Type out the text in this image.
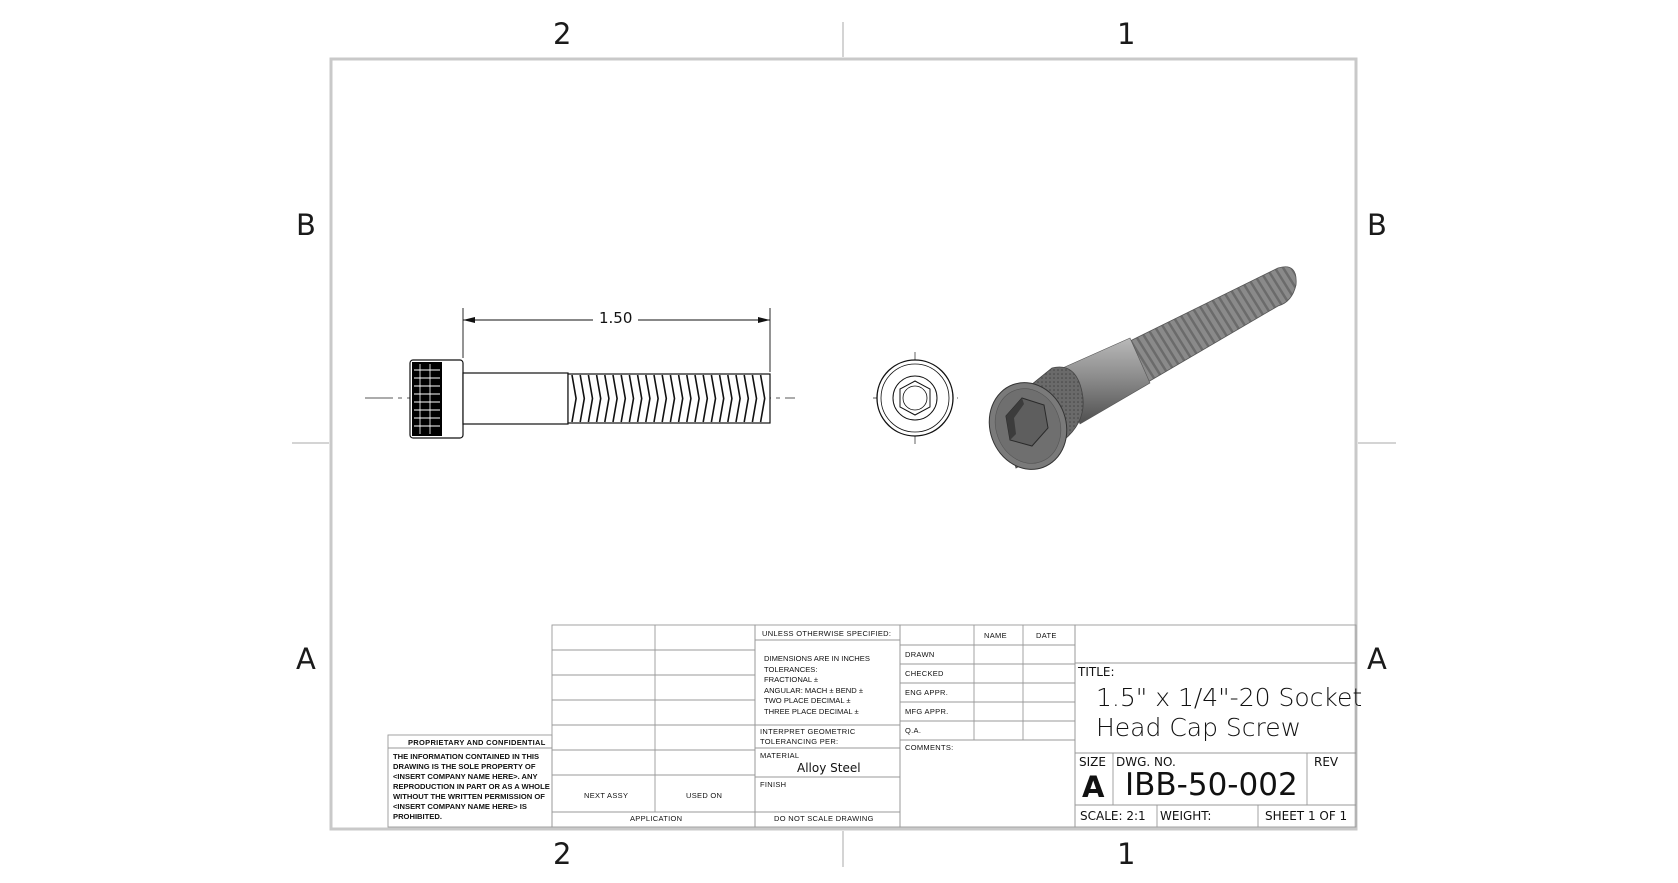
2	1
2	1
B
A
B
A
1.50
PROPRIETARY AND CONFIDENTIAL
THE INFORMATION CONTAINED IN THIS DRAWING IS THE SOLE PROPERTY OF <INSERT COMPANY NAME HERE>. ANY REPRODUCTION IN PART OR AS A WHOLE WITHOUT THE WRITTEN PERMISSION OF <INSERT COMPANY NAME HERE> IS PROHIBITED.
NEXT ASSY	USED ON
APPLICATION
UNLESS OTHERWISE SPECIFIED:
DIMENSIONS ARE IN INCHES
TOLERANCES:
FRACTIONAL ±
ANGULAR: MACH ± BEND ±
TWO PLACE DECIMAL ±
THREE PLACE DECIMAL ±
INTERPRET GEOMETRIC
TOLERANCING PER:
MATERIAL
Alloy Steel
FINISH
DO NOT SCALE DRAWING
NAME	DATE
DRAWN
CHECKED
ENG APPR.
MFG APPR.
Q.A.
COMMENTS:
TITLE:
1.5" x 1/4"-20 Socket
Head Cap Screw
SIZE
A
DWG. NO.
IBB-50-002
REV
SCALE: 2:1 WEIGHT:	SHEET 1 OF 1
